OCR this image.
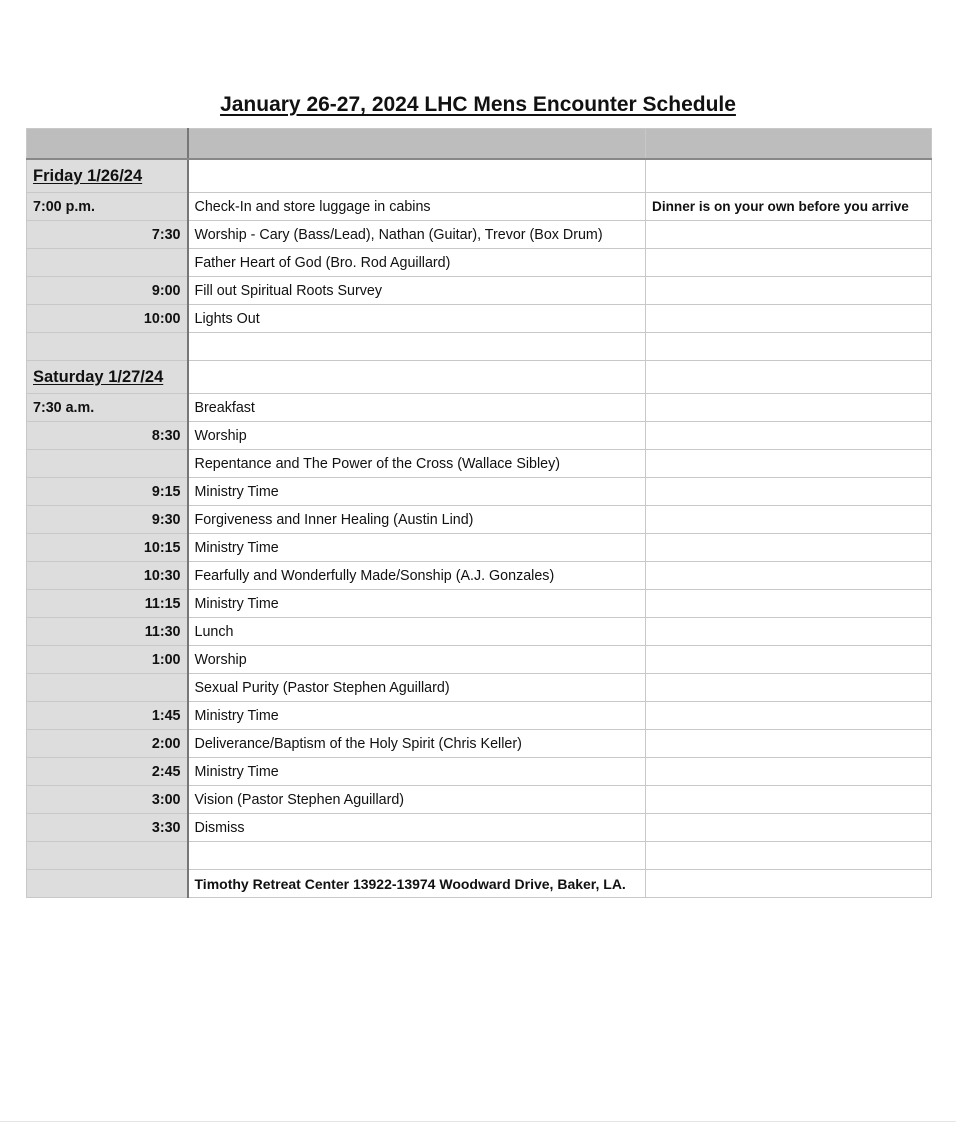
January 26-27, 2024 LHC Mens Encounter Schedule

Friday 1/26/24		
7:00 p.m.	Check-In and store luggage in cabins	Dinner is on your own before you arrive
7:30	Worship - Cary (Bass/Lead), Nathan (Guitar), Trevor (Box Drum)	
	Father Heart of God (Bro. Rod Aguillard)	
9:00	Fill out Spiritual Roots Survey	
10:00	Lights Out	

Saturday 1/27/24		
7:30 a.m.	Breakfast	
8:30	Worship	
	Repentance and The Power of the Cross (Wallace Sibley)	
9:15	Ministry Time	
9:30	Forgiveness and Inner Healing (Austin Lind)	
10:15	Ministry Time	
10:30	Fearfully and Wonderfully Made/Sonship (A.J. Gonzales)	
11:15	Ministry Time	
11:30	Lunch	
1:00	Worship	
	Sexual Purity (Pastor Stephen Aguillard)	
1:45	Ministry Time	
2:00	Deliverance/Baptism of the Holy Spirit (Chris Keller)	
2:45	Ministry Time	
3:00	Vision (Pastor Stephen Aguillard)	
3:30	Dismiss	

	Timothy Retreat Center 13922-13974 Woodward Drive, Baker, LA.	
